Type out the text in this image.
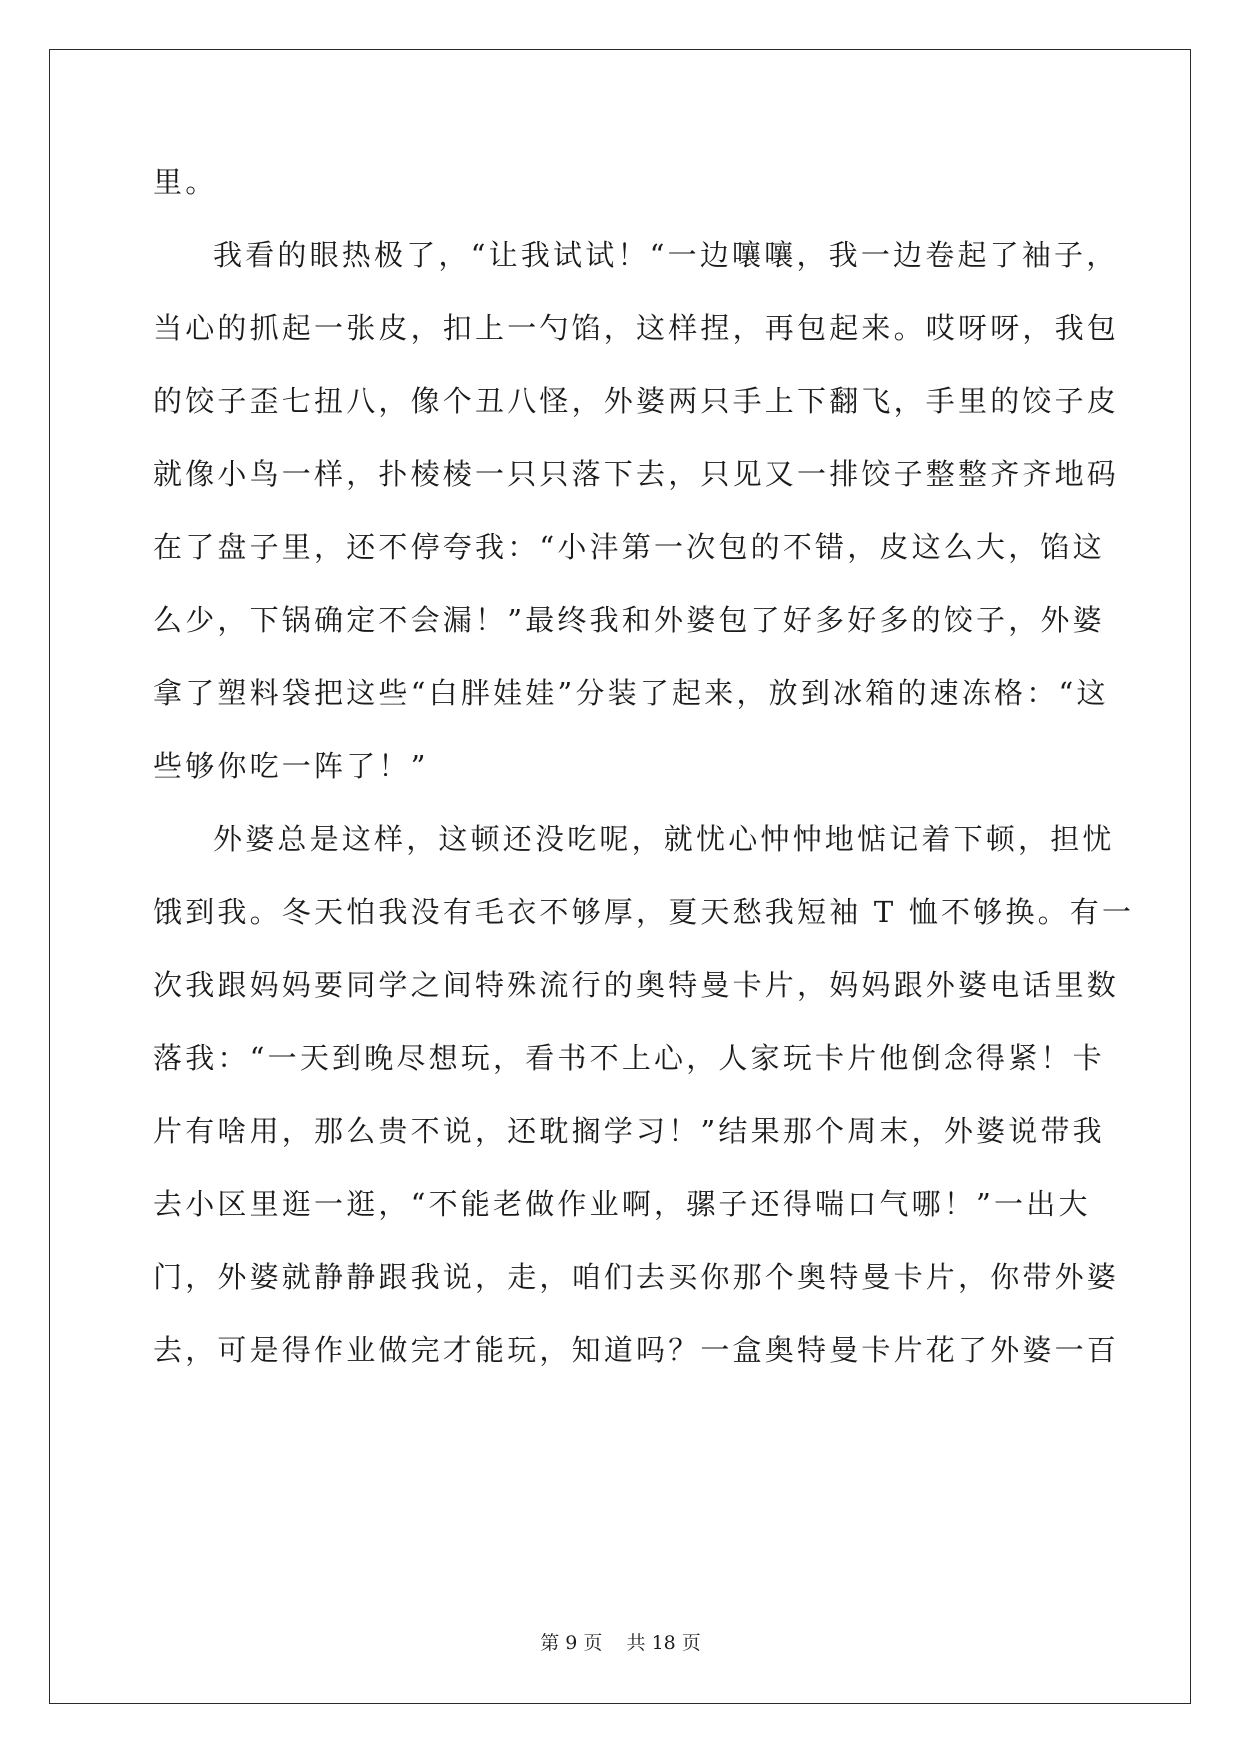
里。
我看的眼热极了，“让我试试！“一边嚷嚷，我一边卷起了袖子，
当心的抓起一张皮，扣上一勺馅，这样捏，再包起来。哎呀呀，我包
的饺子歪七扭八，像个丑八怪，外婆两只手上下翻飞，手里的饺子皮
就像小鸟一样，扑棱棱一只只落下去，只见又一排饺子整整齐齐地码
在了盘子里，还不停夸我：“小沣第一次包的不错，皮这么大，馅这
么少，下锅确定不会漏！”最终我和外婆包了好多好多的饺子，外婆
拿了塑料袋把这些“白胖娃娃”分装了起来，放到冰箱的速冻格：“这
些够你吃一阵了！”
外婆总是这样，这顿还没吃呢，就忧心忡忡地惦记着下顿，担忧
饿到我。冬天怕我没有毛衣不够厚，夏天愁我短袖 T 恤不够换。有一
次我跟妈妈要同学之间特殊流行的奥特曼卡片，妈妈跟外婆电话里数
落我：“一天到晚尽想玩，看书不上心，人家玩卡片他倒念得紧！卡
片有啥用，那么贵不说，还耽搁学习！”结果那个周末，外婆说带我
去小区里逛一逛，“不能老做作业啊，骡子还得喘口气哪！”一出大
门，外婆就静静跟我说，走，咱们去买你那个奥特曼卡片，你带外婆
去，可是得作业做完才能玩，知道吗？一盒奥特曼卡片花了外婆一百
第 9 页    共 18 页
